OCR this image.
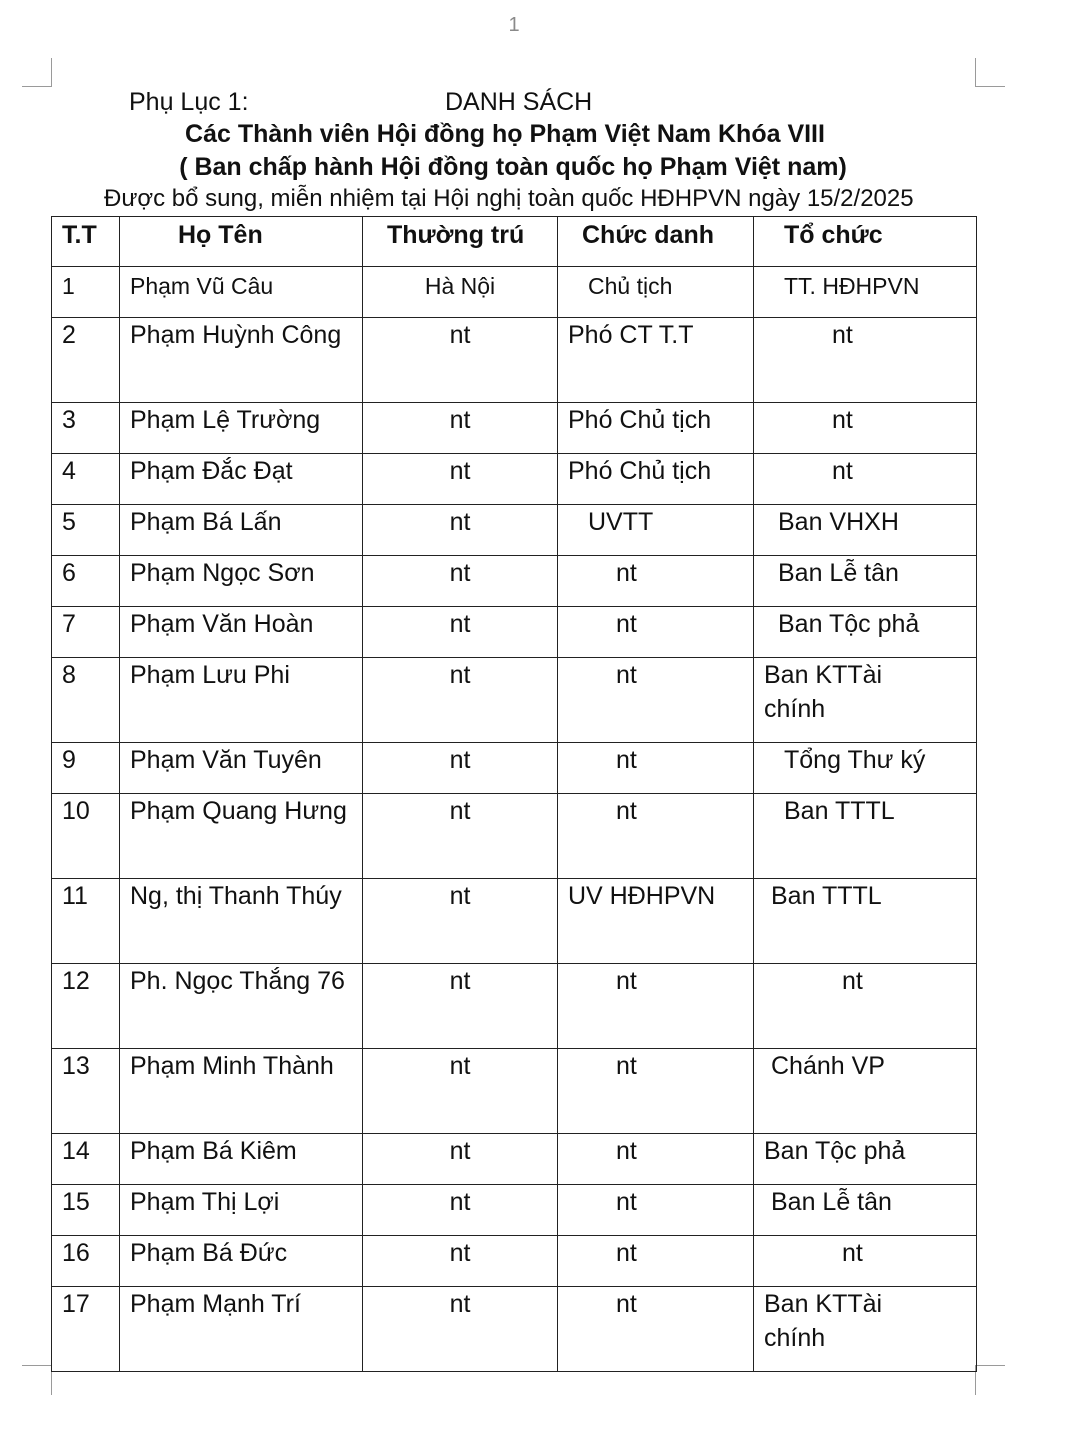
1
Phụ Lục 1:	DANH SÁCH
Các Thành viên Hội đồng họ Phạm Việt Nam Khóa VIII
( Ban chấp hành Hội đồng toàn quốc họ Phạm Việt nam)
Được bổ sung, miễn nhiệm tại Hội nghị toàn quốc HĐHPVN ngày 15/2/2025
T.T	Họ Tên	Thường trú	Chức danh	Tổ chức
1	Phạm Vũ Câu	Hà Nội	Chủ tịch	TT. HĐHPVN
2	Phạm Huỳnh Công	nt	Phó CT T.T	nt
3	Phạm Lệ Trường	nt	Phó Chủ tịch	nt
4	Phạm Đắc Đạt	nt	Phó Chủ tịch	nt
5	Phạm Bá Lấn	nt	UVTT	Ban VHXH
6	Phạm Ngọc Sơn	nt	nt	Ban Lễ tân
7	Phạm Văn Hoàn	nt	nt	Ban Tộc phả
8	Phạm Lưu Phi	nt	nt	Ban KTTài chính
9	Phạm Văn Tuyên	nt	nt	Tổng Thư ký
10	Phạm Quang Hưng	nt	nt	Ban TTTL
11	Ng, thị Thanh Thúy	nt	UV HĐHPVN	Ban TTTL
12	Ph. Ngọc Thắng 76	nt	nt	nt
13	Phạm Minh Thành	nt	nt	Chánh VP
14	Phạm Bá Kiêm	nt	nt	Ban Tộc phả
15	Phạm Thị Lợi	nt	nt	Ban Lễ tân
16	Phạm Bá Đức	nt	nt	nt
17	Phạm Mạnh Trí	nt	nt	Ban KTTài chính
